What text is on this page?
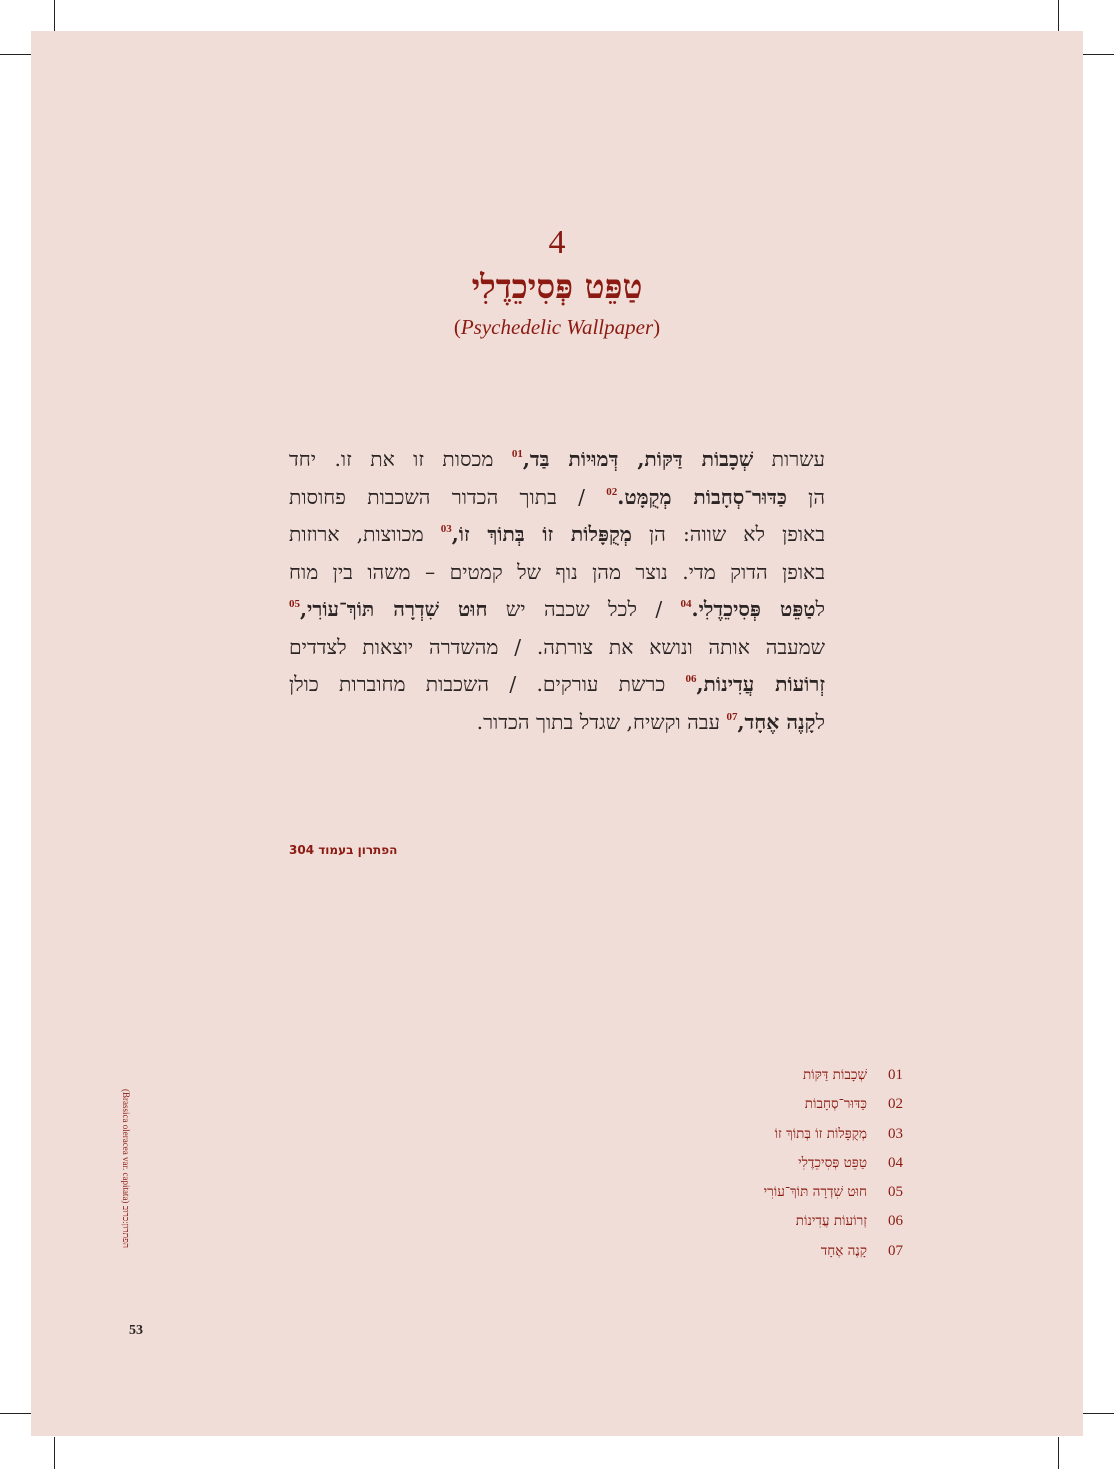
4
טַפֵּט פְּסִיכֵדֶלִי
(Psychedelic Wallpaper)
עשרות שְׁכָבוֹת דַּקּוֹת, דְּמוּיוֹת בַּד,$^{01}$ מכסות זו את זו. יחד
הן כַּדּוּר־סְחָבוֹת מְקֻמָּט.$^{02}$ / בתוך הכדור השכבות פחוסות
באופן לא שווה: הן מְקֻפָּלוֹת זוֹ בְּתוֹךְ זוֹ,$^{03}$ מכווצות, ארוזות
באופן הדוק מדי. נוצר מהן נוף של קמטים – משהו בין מוח
לטַפֵּט פְּסִיכֵדֶלִי.$^{04}$ / לכל שכבה יש חוּט שִׁדְרָה תּוֹךְ־עוֹרִי,$^{05}$
שמעבה אותה ונושא את צורתה. / מהשדרה יוצאות לצדדים
זְרוֹעוֹת עֲדִינוֹת,$^{06}$ כרשת עורקים. / השכבות מחוברות כולן
לקָנֶה אֶחָד,$^{07}$ עבה וקשיח, שגדל בתוך הכדור.
הפתרון בעמוד 304
01
שְׁכָבוֹת דַּקּוֹת
02
כַּדּוּר־סְחָבוֹת
03
מְקֻפָּלוֹת זוֹ בְּתוֹךְ זוֹ
04
טַפֵּט פְּסִיכֵדֶלִי
05
חוּט שִׁדְרָה תּוֹךְ־עוֹרִי
06
זְרוֹעוֹת עֲדִינוֹת
07
קָנֶה אֶחָד
(Brassica oleracea var. capitata) הפתרון:כרוב
53
